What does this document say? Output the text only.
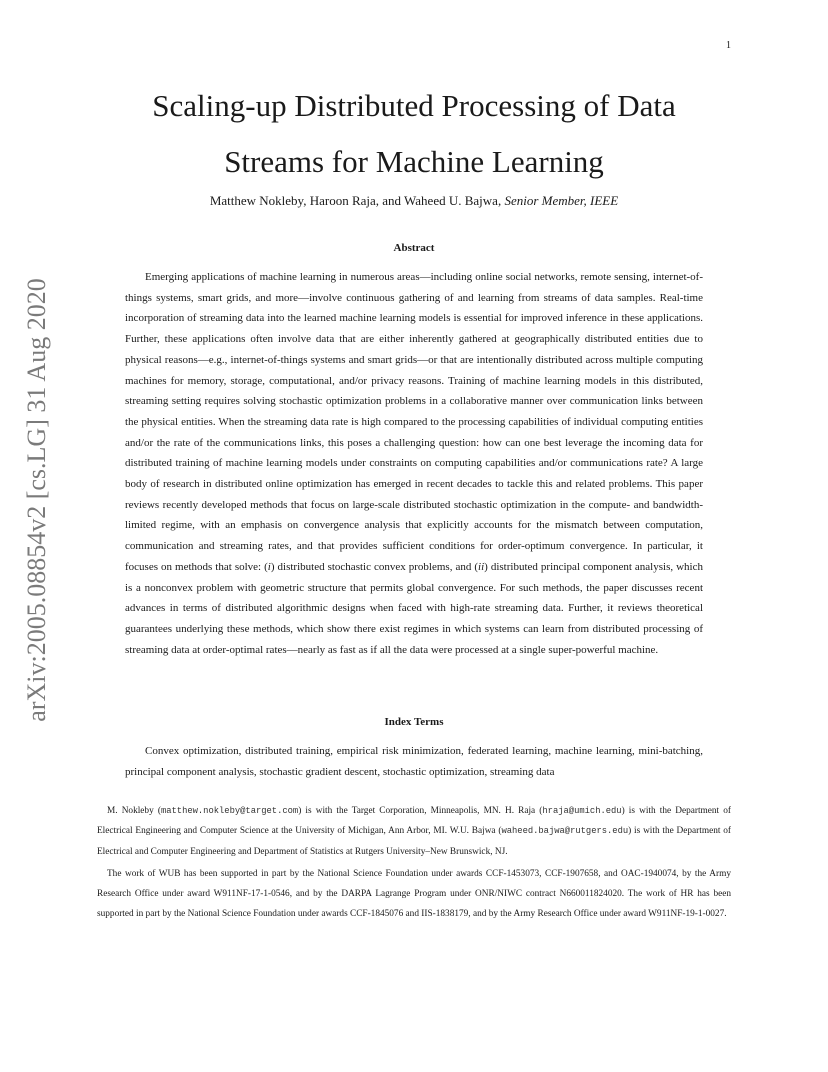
1
arXiv:2005.08854v2 [cs.LG] 31 Aug 2020
Scaling-up Distributed Processing of Data Streams for Machine Learning
Matthew Nokleby, Haroon Raja, and Waheed U. Bajwa, Senior Member, IEEE
Abstract

Emerging applications of machine learning in numerous areas—including online social networks, remote sensing, internet-of-things systems, smart grids, and more—involve continuous gathering of and learning from streams of data samples. Real-time incorporation of streaming data into the learned machine learning models is essential for improved inference in these applications. Further, these applications often involve data that are either inherently gathered at geographically distributed entities due to physical reasons—e.g., internet-of-things systems and smart grids—or that are intentionally distributed across multiple computing machines for memory, storage, computational, and/or privacy reasons. Training of machine learning models in this distributed, streaming setting requires solving stochastic optimization problems in a collaborative manner over communication links between the physical entities. When the streaming data rate is high compared to the processing capabilities of individual computing entities and/or the rate of the communications links, this poses a challenging question: how can one best leverage the incoming data for distributed training of machine learning models under constraints on computing capabilities and/or communications rate? A large body of research in distributed online optimization has emerged in recent decades to tackle this and related problems. This paper reviews recently developed methods that focus on large-scale distributed stochastic optimization in the compute- and bandwidth-limited regime, with an emphasis on convergence analysis that explicitly accounts for the mismatch between computation, communication and streaming rates, and that provides sufficient conditions for order-optimum convergence. In particular, it focuses on methods that solve: (i) distributed stochastic convex problems, and (ii) distributed principal component analysis, which is a nonconvex problem with geometric structure that permits global convergence. For such methods, the paper discusses recent advances in terms of distributed algorithmic designs when faced with high-rate streaming data. Further, it reviews theoretical guarantees underlying these methods, which show there exist regimes in which systems can learn from distributed processing of streaming data at order-optimal rates—nearly as fast as if all the data were processed at a single super-powerful machine.

Index Terms

Convex optimization, distributed training, empirical risk minimization, federated learning, machine learning, mini-batching, principal component analysis, stochastic gradient descent, stochastic optimization, streaming data

M. Nokleby (matthew.nokleby@target.com) is with the Target Corporation, Minneapolis, MN. H. Raja (hraja@umich.edu) is with the Department of Electrical Engineering and Computer Science at the University of Michigan, Ann Arbor, MI. W.U. Bajwa (waheed.bajwa@rutgers.edu) is with the Department of Electrical and Computer Engineering and Department of Statistics at Rutgers University–New Brunswick, NJ.

The work of WUB has been supported in part by the National Science Foundation under awards CCF-1453073, CCF-1907658, and OAC-1940074, by the Army Research Office under award W911NF-17-1-0546, and by the DARPA Lagrange Program under ONR/NIWC contract N660011824020. The work of HR has been supported in part by the National Science Foundation under awards CCF-1845076 and IIS-1838179, and by the Army Research Office under award W911NF-19-1-0027.
